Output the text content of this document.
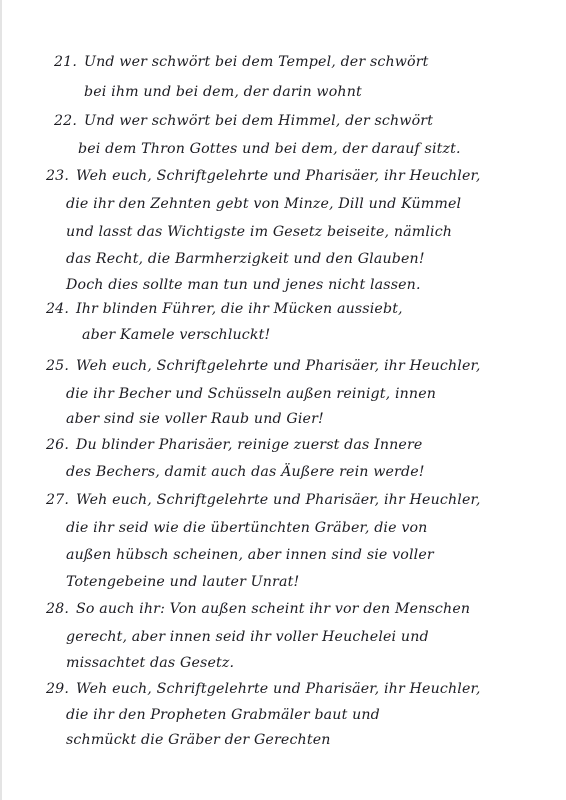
21. Und wer schwört bei dem Tempel, der schwört
bei ihm und bei dem, der darin wohnt
22. Und wer schwört bei dem Himmel, der schwört
bei dem Thron Gottes und bei dem, der darauf sitzt.
23. Weh euch, Schriftgelehrte und Pharisäer, ihr Heuchler,
die ihr den Zehnten gebt von Minze, Dill und Kümmel
und lasst das Wichtigste im Gesetz beiseite, nämlich
das Recht, die Barmherzigkeit und den Glauben!
Doch dies sollte man tun und jenes nicht lassen.
24. Ihr blinden Führer, die ihr Mücken aussiebt,
aber Kamele verschluckt!
25. Weh euch, Schriftgelehrte und Pharisäer, ihr Heuchler,
die ihr Becher und Schüsseln außen reinigt, innen
aber sind sie voller Raub und Gier!
26. Du blinder Pharisäer, reinige zuerst das Innere
des Bechers, damit auch das Äußere rein werde!
27. Weh euch, Schriftgelehrte und Pharisäer, ihr Heuchler,
die ihr seid wie die übertünchten Gräber, die von
außen hübsch scheinen, aber innen sind sie voller
Totengebeine und lauter Unrat!
28. So auch ihr: Von außen scheint ihr vor den Menschen
gerecht, aber innen seid ihr voller Heuchelei und
missachtet das Gesetz.
29. Weh euch, Schriftgelehrte und Pharisäer, ihr Heuchler,
die ihr den Propheten Grabmäler baut und
schmückt die Gräber der Gerechten
